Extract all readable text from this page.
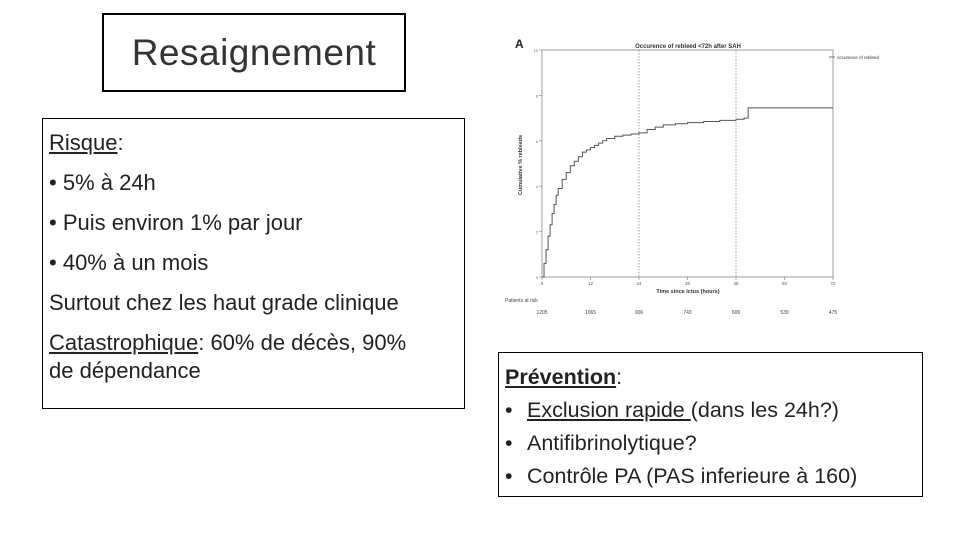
Resaignement
Risque:
• 5% à 24h
• Puis environ 1% par jour
• 40% à un mois
Surtout chez les haut grade clinique
Catastrophique: 60% de décès, 90%
de dépendance
A	Occurence of rebleed <72h after SAH
occurence of rebleed
0
2
4
6
8
10
0	12	24	36	48	60	72
Time since ictus (hours)
Cumulative % rebleeds
Patients at risk
1205	1065	906	743	606	539	475
Prévention:
• Exclusion rapide (dans les 24h?)
• Antifibrinolytique?
• Contrôle PA (PAS inferieure à 160)
